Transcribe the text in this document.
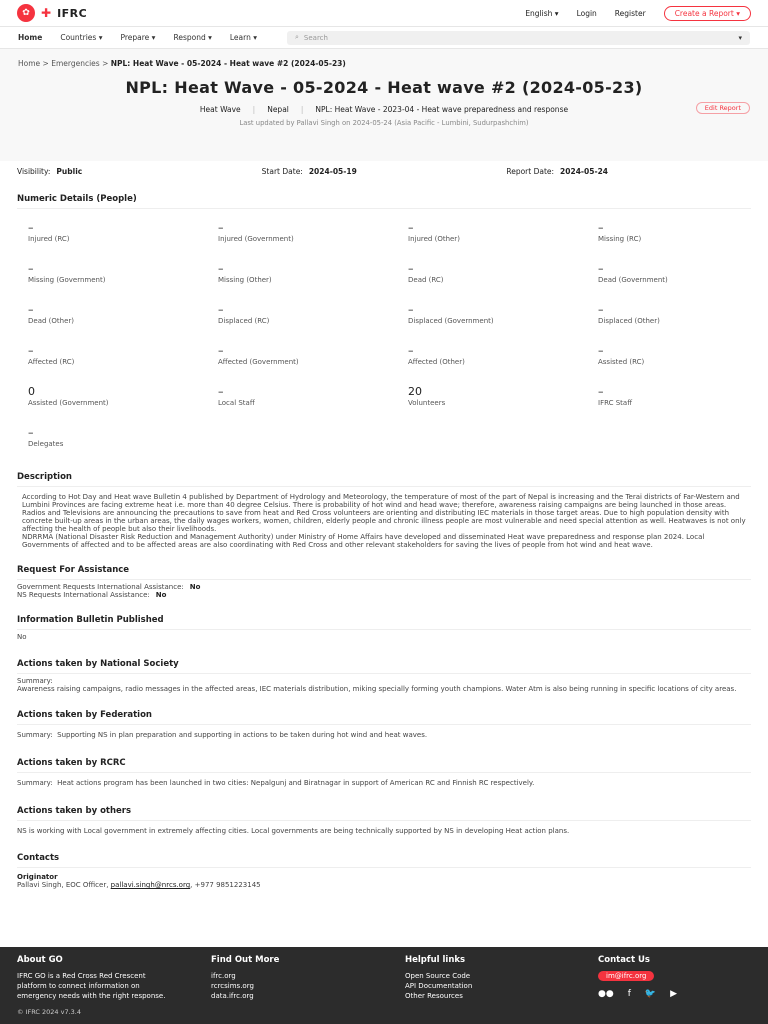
✿ ✚ IFRC	English ▾ Login Register	Create a Report ▾
Home Countries ▾ Prepare ▾ Respond ▾ Learn ▾	⌕ Search	▾
Home > Emergencies > NPL: Heat Wave - 05-2024 - Heat wave #2 (2024-05-23)
Edit Report
NPL: Heat Wave - 05-2024 - Heat wave #2 (2024-05-23)
Heat Wave | Nepal | NPL: Heat Wave - 2023-04 - Heat wave preparedness and response
Last updated by Pallavi Singh on 2024-05-24 (Asia Pacific - Lumbini, Sudurpashchim)
Visibility: Public	Start Date: 2024-05-19	Report Date: 2024-05-24
Numeric Details (People)
–
Injured (RC)
–
Injured (Government)
–
Injured (Other)
–
Missing (RC)
–
Missing (Government)
–
Missing (Other)
–
Dead (RC)
–
Dead (Government)
–
Dead (Other)
–
Displaced (RC)
–
Displaced (Government)
–
Displaced (Other)
–
Affected (RC)
–
Affected (Government)
–
Affected (Other)
–
Assisted (RC)
0
Assisted (Government)
–
Local Staff
20
Volunteers
–
IFRC Staff
–
Delegates
Description
According to Hot Day and Heat wave Bulletin 4 published by Department of Hydrology and Meteorology, the temperature of most of the part of Nepal is increasing and the Terai districts of Far-Western and Lumbini Provinces are facing extreme heat i.e. more than 40 degree Celsius. There is probability of hot wind and head wave; therefore, awareness raising campaigns are being launched in those areas. Radios and Televisions are announcing the precautions to save from heat and Red Cross volunteers are orienting and distributing IEC materials in those target areas. Due to high population density with concrete built-up areas in the urban areas, the daily wages workers, women, children, elderly people and chronic illness people are most vulnerable and need special attention as well. Heatwaves is not only affecting the health of people but also their livelihoods.
NDRRMA (National Disaster Risk Reduction and Management Authority) under Ministry of Home Affairs have developed and disseminated Heat wave preparedness and response plan 2024. Local Governments of affected and to be affected areas are also coordinating with Red Cross and other relevant stakeholders for saving the lives of people from hot wind and heat wave.
Request For Assistance
Government Requests International Assistance: No
NS Requests International Assistance: No
Information Bulletin Published
No
Actions taken by National Society
Summary:
Awareness raising campaigns, radio messages in the affected areas, IEC materials distribution, miking specially forming youth champions. Water Atm is also being running in specific locations of city areas.
Actions taken by Federation
Summary: Supporting NS in plan preparation and supporting in actions to be taken during hot wind and heat waves.
Actions taken by RCRC
Summary: Heat actions program has been launched in two cities: Nepalgunj and Biratnagar in support of American RC and Finnish RC respectively.
Actions taken by others
NS is working with Local government in extremely affecting cities. Local governments are being technically supported by NS in developing Heat action plans.
Contacts
Originator
Pallavi Singh, EOC Officer, pallavi.singh@nrcs.org, +977 9851223145
About GO
IFRC GO is a Red Cross Red Crescent platform to connect information on emergency needs with the right response.
Find Out More
ifrc.org
rcrcsims.org
data.ifrc.org
Helpful links
Open Source Code
API Documentation
Other Resources
Contact Us
im@ifrc.org
●● f 🐦 ▶
© IFRC 2024 v7.3.4
